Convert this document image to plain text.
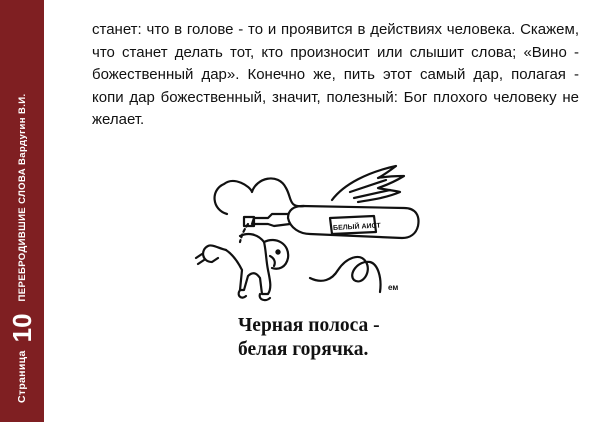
Страница
10
ПЕРЕБРОДИВШИЕ СЛОВА Вардугин В.И.

станет: что в голове - то и проявится в действиях человека. Скажем, что станет делать тот, кто произносит или слышит слова; «Вино - божественный дар». Конечно же, пить этот самый дар, полагая - копи дар божественный, значит, полезный: Бог плохого человеку не желает.

БЕЛЫЙ АИСТ
ем
Черная полоса -
белая горячка.
